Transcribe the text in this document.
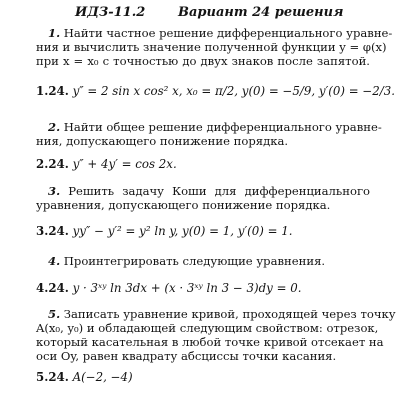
ИДЗ-11.2	Вариант 24 решения
1. Найти частное решение дифференциального уравне-
ния и вычислить значение полученной функции y = φ(x)
при x = x₀ с точностью до двух знаков после запятой.
1.24. y″ = 2 sin x cos² x, x₀ = π/2, y(0) = −5/9, y′(0) = −2/3.
2. Найти общее решение дифференциального уравне-
ния, допускающего понижение порядка.
2.24. y″ + 4y′ = cos 2x.
3. Решить задачу Коши для дифференциального
уравнения, допускающего понижение порядка.
3.24. yy″ − y′² = y² ln y, y(0) = 1, y′(0) = 1.
4. Проинтегрировать следующие уравнения.
4.24. y · 3ˣʸ ln 3dx + (x · 3ˣʸ ln 3 − 3)dy = 0.
5. Записать уравнение кривой, проходящей через точку
A(x₀, y₀) и обладающей следующим свойством: отрезок,
который касательная в любой точке кривой отсекает на
оси Oy, равен квадрату абсциссы точки касания.
5.24. A(−2, −4)
